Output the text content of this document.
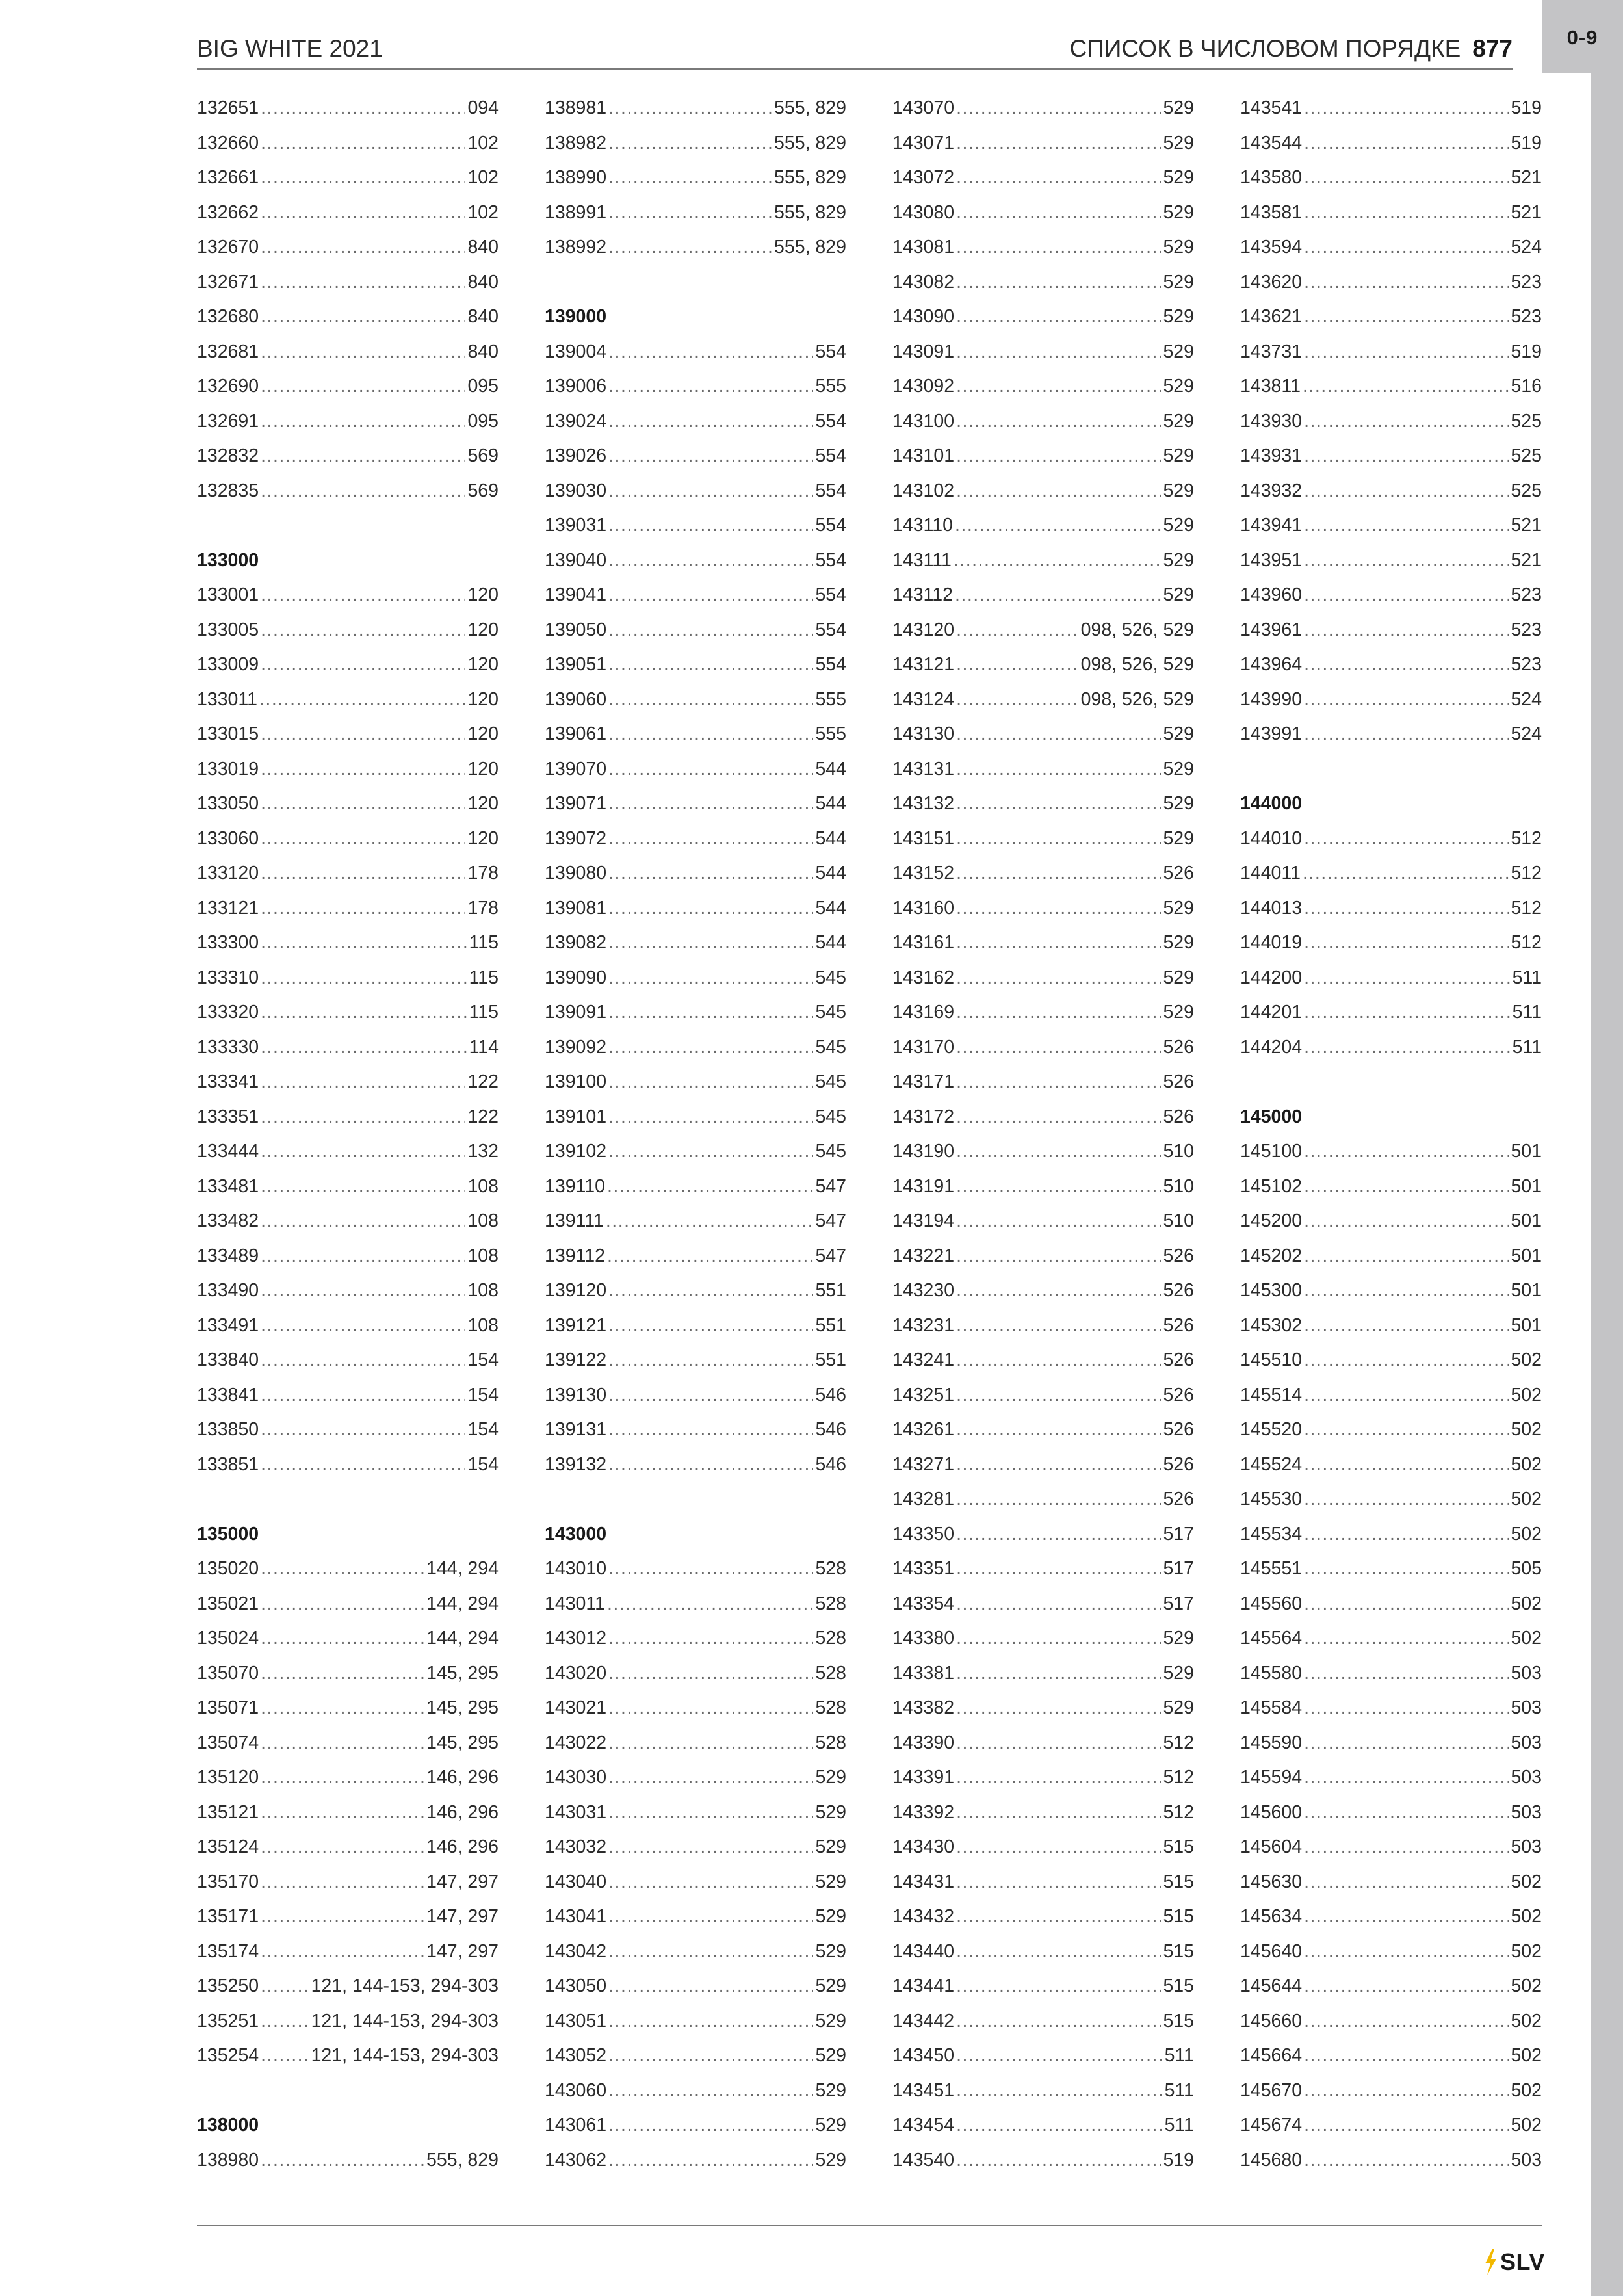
0-9
BIG WHITE 2021	СПИСОК В ЧИСЛОВОМ ПОРЯДКЕ 877
132651 .....	094
132660 .....	102
132661 .....	102
132662 .....	102
132670 .....	840
132671 .....	840
132680 .....	840
132681 .....	840
132690 .....	095
132691 .....	095
132832 .....	569
132835 .....	569
133000
133001 .....	120
133005 .....	120
133009 .....	120
133011 .....	120
133015 .....	120
133019 .....	120
133050 .....	120
133060 .....	120
133120 .....	178
133121 .....	178
133300 .....	115
133310 .....	115
133320 .....	115
133330 .....	114
133341 .....	122
133351 .....	122
133444 .....	132
133481 .....	108
133482 .....	108
133489 .....	108
133490 .....	108
133491 .....	108
133840 .....	154
133841 .....	154
133850 .....	154
133851 .....	154
135000
135020 .....	144, 294
135021 .....	144, 294
135024 .....	144, 294
135070 .....	145, 295
135071 .....	145, 295
135074 .....	145, 295
135120 .....	146, 296
135121 .....	146, 296
135124 .....	146, 296
135170 .....	147, 297
135171 .....	147, 297
135174 .....	147, 297
135250 .....	121, 144-153, 294-303
135251 .....	121, 144-153, 294-303
135254 .....	121, 144-153, 294-303
138000
138980 .....	555, 829
138981 .....	555, 829
138982 .....	555, 829
138990 .....	555, 829
138991 .....	555, 829
138992 .....	555, 829
139000
139004 .....	554
139006 .....	555
139024 .....	554
139026 .....	554
139030 .....	554
139031 .....	554
139040 .....	554
139041 .....	554
139050 .....	554
139051 .....	554
139060 .....	555
139061 .....	555
139070 .....	544
139071 .....	544
139072 .....	544
139080 .....	544
139081 .....	544
139082 .....	544
139090 .....	545
139091 .....	545
139092 .....	545
139100 .....	545
139101 .....	545
139102 .....	545
139110 .....	547
139111 .....	547
139112 .....	547
139120 .....	551
139121 .....	551
139122 .....	551
139130 .....	546
139131 .....	546
139132 .....	546
143000
143010 .....	528
143011 .....	528
143012 .....	528
143020 .....	528
143021 .....	528
143022 .....	528
143030 .....	529
143031 .....	529
143032 .....	529
143040 .....	529
143041 .....	529
143042 .....	529
143050 .....	529
143051 .....	529
143052 .....	529
143060 .....	529
143061 .....	529
143062 .....	529
143070 .....	529
143071 .....	529
143072 .....	529
143080 .....	529
143081 .....	529
143082 .....	529
143090 .....	529
143091 .....	529
143092 .....	529
143100 .....	529
143101 .....	529
143102 .....	529
143110 .....	529
143111 .....	529
143112 .....	529
143120 .....	098, 526, 529
143121 .....	098, 526, 529
143124 .....	098, 526, 529
143130 .....	529
143131 .....	529
143132 .....	529
143151 .....	529
143152 .....	526
143160 .....	529
143161 .....	529
143162 .....	529
143169 .....	529
143170 .....	526
143171 .....	526
143172 .....	526
143190 .....	510
143191 .....	510
143194 .....	510
143221 .....	526
143230 .....	526
143231 .....	526
143241 .....	526
143251 .....	526
143261 .....	526
143271 .....	526
143281 .....	526
143350 .....	517
143351 .....	517
143354 .....	517
143380 .....	529
143381 .....	529
143382 .....	529
143390 .....	512
143391 .....	512
143392 .....	512
143430 .....	515
143431 .....	515
143432 .....	515
143440 .....	515
143441 .....	515
143442 .....	515
143450 .....	511
143451 .....	511
143454 .....	511
143540 .....	519
143541 .....	519
143544 .....	519
143580 .....	521
143581 .....	521
143594 .....	524
143620 .....	523
143621 .....	523
143731 .....	519
143811 .....	516
143930 .....	525
143931 .....	525
143932 .....	525
143941 .....	521
143951 .....	521
143960 .....	523
143961 .....	523
143964 .....	523
143990 .....	524
143991 .....	524
144000
144010 .....	512
144011 .....	512
144013 .....	512
144019 .....	512
144200 .....	511
144201 .....	511
144204 .....	511
145000
145100 .....	501
145102 .....	501
145200 .....	501
145202 .....	501
145300 .....	501
145302 .....	501
145510 .....	502
145514 .....	502
145520 .....	502
145524 .....	502
145530 .....	502
145534 .....	502
145551 .....	505
145560 .....	502
145564 .....	502
145580 .....	503
145584 .....	503
145590 .....	503
145594 .....	503
145600 .....	503
145604 .....	503
145630 .....	502
145634 .....	502
145640 .....	502
145644 .....	502
145660 .....	502
145664 .....	502
145670 .....	502
145674 .....	502
145680 .....	503
SLV
